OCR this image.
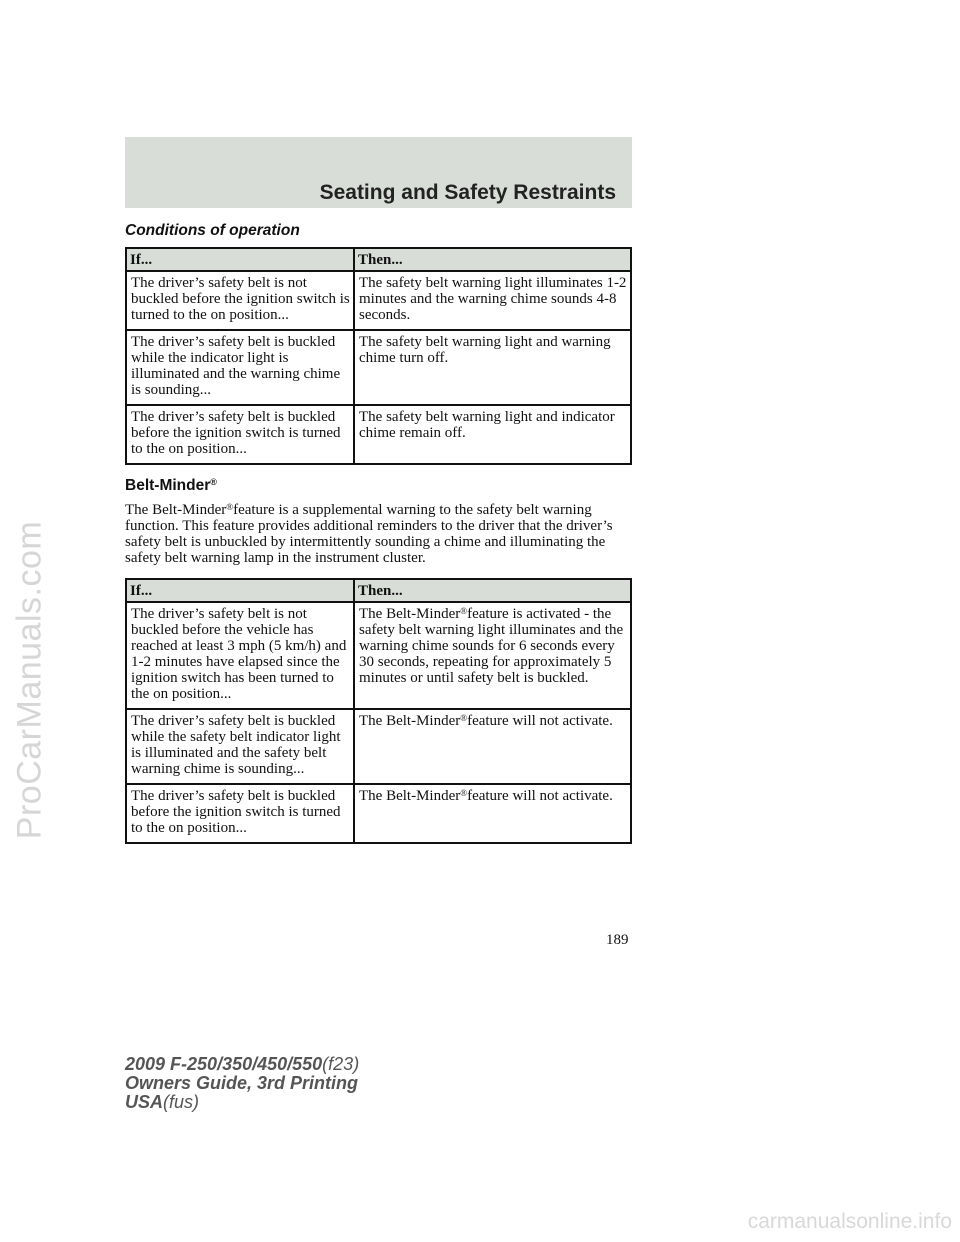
ProCarManuals.com
Seating and Safety Restraints
Conditions of operation
If...	Then...
The driver’s safety belt is not buckled before the ignition switch is turned to the on position...	The safety belt warning light illuminates 1-2 minutes and the warning chime sounds 4-8 seconds.
The driver’s safety belt is buckled while the indicator light is illuminated and the warning chime is sounding...	The safety belt warning light and warning chime turn off.
The driver’s safety belt is buckled before the ignition switch is turned to the on position...	The safety belt warning light and indicator chime remain off.
Belt-Minder®

The Belt-Minder®feature is a supplemental warning to the safety belt warning function. This feature provides additional reminders to the driver that the driver’s safety belt is unbuckled by intermittently sounding a chime and illuminating the safety belt warning lamp in the instrument cluster.

If...	Then...
The driver’s safety belt is not buckled before the vehicle has reached at least 3 mph (5 km/h) and 1-2 minutes have elapsed since the ignition switch has been turned to the on position...	The Belt-Minder®feature is activated - the safety belt warning light illuminates and the warning chime sounds for 6 seconds every 30 seconds, repeating for approximately 5 minutes or until safety belt is buckled.
The driver’s safety belt is buckled while the safety belt indicator light is illuminated and the safety belt warning chime is sounding...	The Belt-Minder®feature will not activate.
The driver’s safety belt is buckled before the ignition switch is turned to the on position...	The Belt-Minder®feature will not activate.
189
2009 F-250/350/450/550(f23)
Owners Guide, 3rd Printing
USA(fus)
carmanualsonline.info
